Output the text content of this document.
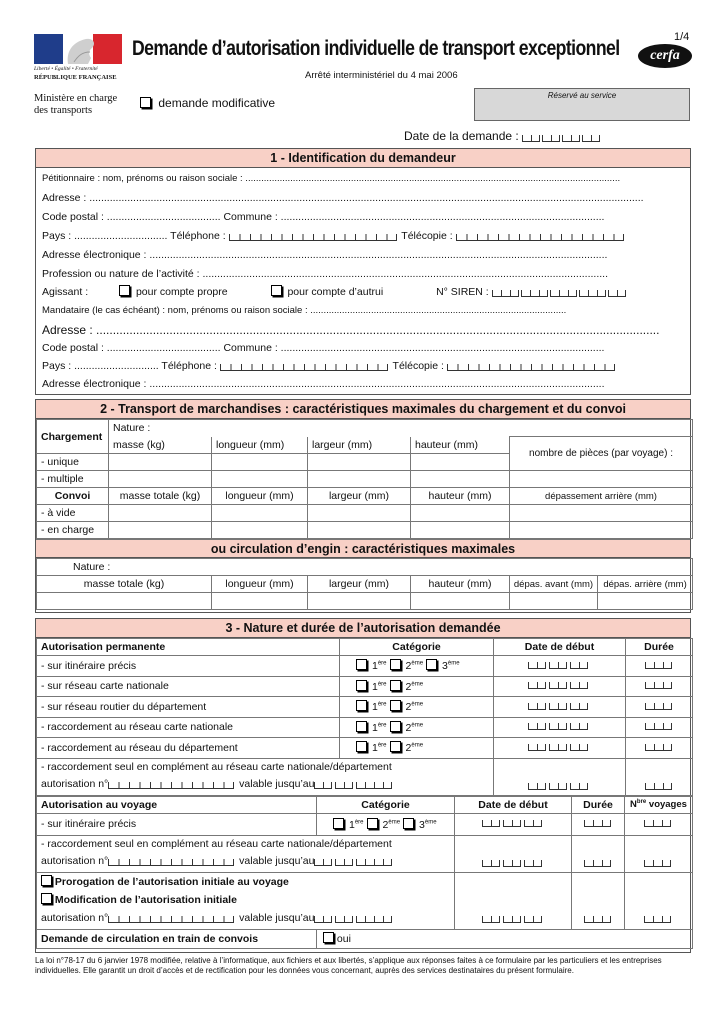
Liberté • Égalité • Fraternité
RÉPUBLIQUE FRANÇAISE
Ministère en charge
des transports
Demande d’autorisation individuelle de transport exceptionnel	1/4
cerfa
Arrêté interministériel du 4 mai 2006
demande modificative
Réservé au service
Date de la demande :
1 - Identification du demandeur
Pétitionnaire : nom, prénoms ou raison sociale : ..............................................................................................................................................
Adresse : ..............................................................................................................................................................................................
Code postal : ....................................... Commune : ...............................................................................................................
Pays : ................................ Téléphone :	Télécopie :
Adresse électronique : .............................................................................................................................................................
Profession ou nature de l’activité : ...........................................................................................................................................
Agissant :	pour compte propre	pour compte d’autrui	N° SIREN :
Mandataire (le cas échéant) : nom, prénoms ou raison sociale : .................................................................................................
Adresse : .........................................................................................................................................................................
Code postal : ....................................... Commune : ...............................................................................................................
Pays : ............................. Téléphone :	Télécopie :
Adresse électronique : ............................................................................................................................................................
2 - Transport de marchandises : caractéristiques maximales du chargement et du convoi
Chargement	Nature :				
	masse (kg)	longueur (mm)	largeur (mm)	hauteur (mm)	nombre de pièces (par voyage) :
- unique					
- multiple					
Convoi	masse totale (kg)	longueur (mm)	largeur (mm)	hauteur (mm)	dépassement arrière (mm)
- à vide					
- en charge					
ou circulation d’engin : caractéristiques maximales
Nature :					
masse totale (kg)	longueur (mm)	largeur (mm)	hauteur (mm)	dépas. avant (mm)	dépas. arrière (mm)

3 - Nature et durée de l’autorisation demandée
Autorisation permanente	Catégorie	Date de début	Durée
- sur itinéraire précis	1ère 2ème 3ème		
- sur réseau carte nationale	1ère 2ème		
- sur réseau routier du département	1ère 2ème		
- raccordement au réseau carte nationale	1ère 2ème		
- raccordement au réseau du département	1ère 2ème		

- raccordement seul en complément au réseau carte nationale/département
autorisation n° valable jusqu’au			

Autorisation au voyage	Catégorie	Date de début	Durée	$N^{bre}$ voyages
- sur itinéraire précis	1ère 2ème 3ème			

- raccordement seul en complément au réseau carte nationale/département
autorisation n° valable jusqu’au				

Prorogation de l’autorisation initiale au voyage
Modification de l’autorisation initiale
autorisation n° valable jusqu’au				

Demande de circulation en train de convois	oui			
La loi n°78-17 du 6 janvier 1978 modifiée, relative à l’informatique, aux fichiers et aux libertés, s’applique aux réponses faites à ce formulaire par les particuliers et les entreprises individuelles. Elle garantit un droit d’accès et de rectification pour les données vous concernant, auprès des services destinataires du présent formulaire.
